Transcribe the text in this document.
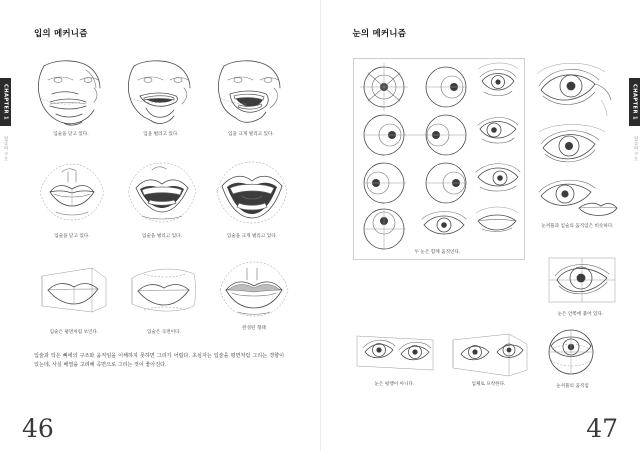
CHAPTER 1
얼굴의 구조
입의 메커니즘
입술을 닫고 있다.	입을 벌리고 있다.	입을 크게 벌리고 있다.
입술을 닫고 있다.	입술을 벌리고 있다.	입술을 크게 벌리고 있다.
입술은 평면처럼 보인다.	입술은 곡면이다.
완성된 형태
입술과 턱은 뼈에의 구조와 움직임을 이해하지 못하면 그리기 어렵다. 초심자는 입술을 평면처럼 그리는 경향이 있는데, 사실 배열을 고려해 곡면으로 그리는 것이 좋아진다.
46
CHAPTER 1
얼굴의 구조
눈의 메커니즘
두 눈은 함께 움직인다.
눈꺼풀과 입술의 움직임은 비슷하다.
눈은 안쪽에 붙어 있다.
눈은 평행이 아니다.	입체로 포착한다.	눈꺼풀의 움직임
47
